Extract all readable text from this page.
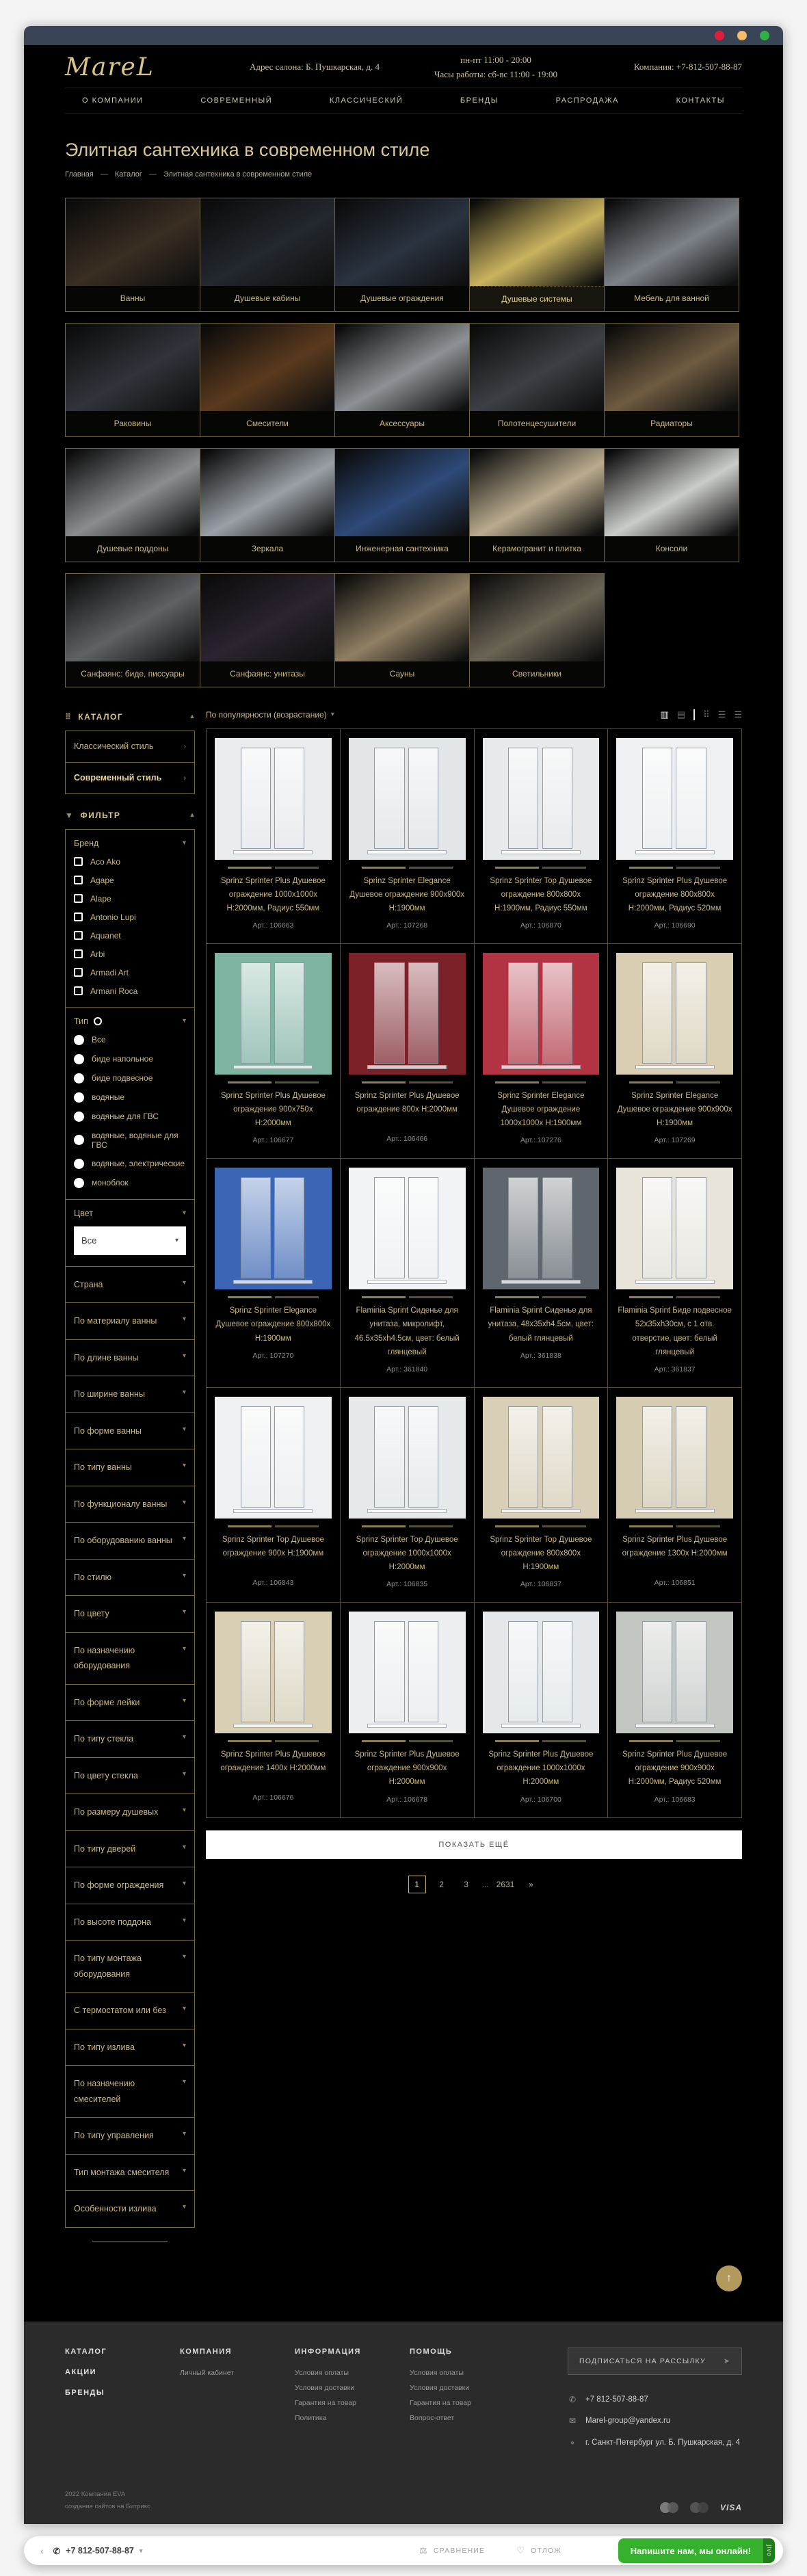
MareL	Адрес салона: Б. Пушкарская, д. 4
пн-пт 11:00 - 20:00
Часы работы: сб-вс 11:00 - 19:00
Компания: +7-812-507-88-87
О КОМПАНИИ	СОВРЕМЕННЫЙ	КЛАССИЧЕСКИЙ	БРЕНДЫ	РАСПРОДАЖА	КОНТАКТЫ
Элитная сантехника в современном стиле
Главная — Каталог — Элитная сантехника в современном стиле
Ванны	Душевые кабины	Душевые ограждения	Душевые системы	Мебель для ванной
Раковины	Смесители	Аксессуары	Полотенцесушители	Радиаторы
Душевые поддоны	Зеркала	Инженерная сантехника	Керамогранит и плитка	Консоли
Санфаянс: биде, писсуары	Санфаянс: унитазы	Сауны	Светильники
⠿ КАТАЛОГ	▴
Классический стиль	›
Современный стиль	›
▼ ФИЛЬТР	▴
Бренд	▾
Aco Ako
Agape
Alape
Antonio Lupi
Aquanet
Arbi
Armadi Art
Armani Roca
Тип	▾
Все
биде напольное
биде подвесное
водяные
водяные для ГВС
водяные, водяные для ГВС
водяные, электрические
моноблок
Цвет	▾
Все	▾
Страна	▾
По материалу ванны	▾
По длине ванны	▾
По ширине ванны	▾
По форме ванны	▾
По типу ванны	▾
По функционалу ванны ▾
По оборудованию ванны ▾
По стилю	▾
По цвету	▾
По назначению оборудования
▾
По форме лейки	▾
По типу стекла	▾
По цвету стекла	▾
По размеру душевых	▾
По типу дверей	▾
По форме ограждения	▾
По высоте поддона	▾
По типу монтажа оборудования
▾
С термостатом или без ▾
По типу излива	▾
По назначению смесителей
▾
По типу управления	▾
Тип монтажа смесителя ▾
Особенности излива	▾
По популярности (возрастание) ▾	▥ ▤ ⠿ ☰ ☰
Sprinz Sprinter Plus Душевое ограждение 1000x1000x H:2000мм, Радиус 550мм
Арт.: 106663
Sprinz Sprinter Elegance Душевое ограждение 900x900x H:1900мм
Арт.: 107268
Sprinz Sprinter Top Душевое ограждение 800x800x H:1900мм, Радиус 550мм
Арт.: 106870
Sprinz Sprinter Plus Душевое ограждение 800x800x H:2000мм, Радиус 520мм
Арт.: 106690
Sprinz Sprinter Plus Душевое ограждение 900x750x H:2000мм
Арт.: 106677
Sprinz Sprinter Plus Душевое ограждение 800x H:2000мм
Арт.: 106466
Sprinz Sprinter Elegance Душевое ограждение 1000x1000x H:1900мм
Арт.: 107276
Sprinz Sprinter Elegance Душевое ограждение 900x900x H:1900мм
Арт.: 107269
Sprinz Sprinter Elegance Душевое ограждение 800x800x H:1900мм
Арт.: 107270
Flaminia Sprint Сиденье для унитаза, микролифт, 46.5x35xh4.5см, цвет: белый глянцевый
Арт.: 361840
Flaminia Sprint Сиденье для унитаза, 48x35xh4.5см, цвет: белый глянцевый
Арт.: 361838
Flaminia Sprint Биде подвесное 52x35xh30см, с 1 отв. отверстие, цвет: белый глянцевый
Арт.: 361837
Sprinz Sprinter Top Душевое ограждение 900x H:1900мм
Арт.: 106843
Sprinz Sprinter Top Душевое ограждение 1000x1000x H:2000мм
Арт.: 106835
Sprinz Sprinter Top Душевое ограждение 800x800x H:1900мм
Арт.: 106837
Sprinz Sprinter Plus Душевое ограждение 1300x H:2000мм
Арт.: 106851
Sprinz Sprinter Plus Душевое ограждение 1400x H:2000мм
Арт.: 106676
Sprinz Sprinter Plus Душевое ограждение 900x900x H:2000мм
Арт.: 106678
Sprinz Sprinter Plus Душевое ограждение 1000x1000x H:2000мм
Арт.: 106700
Sprinz Sprinter Plus Душевое ограждение 900x900x H:2000мм, Радиус 520мм
Арт.: 106683
ПОКАЗАТЬ ЕЩЁ
1	2	3	... 2631	»
↑
КАТАЛОГ
АКЦИИ
БРЕНДЫ
КОМПАНИЯ
Личный кабинет
ИНФОРМАЦИЯ
Условия оплаты
Условия доставки
Гарантия на товар
Политика
ПОМОЩЬ
Условия оплаты
Условия доставки
Гарантия на товар
Вопрос-ответ
ПОДПИСАТЬСЯ НА РАССЫЛКУ ➤
✆ +7 812-507-88-87
✉ Marel-group@yandex.ru
⌖	г. Санкт-Петербург ул. Б. Пушкарская, д. 4
2022 Компания EVA
создание сайтов на Битрикс	VISA
‹ ✆ +7 812-507-88-87 ▾	⚖ СРАВНЕНИЕ	♡ ОТЛОЖ	Напишите нам, мы онлайн!	jivo
